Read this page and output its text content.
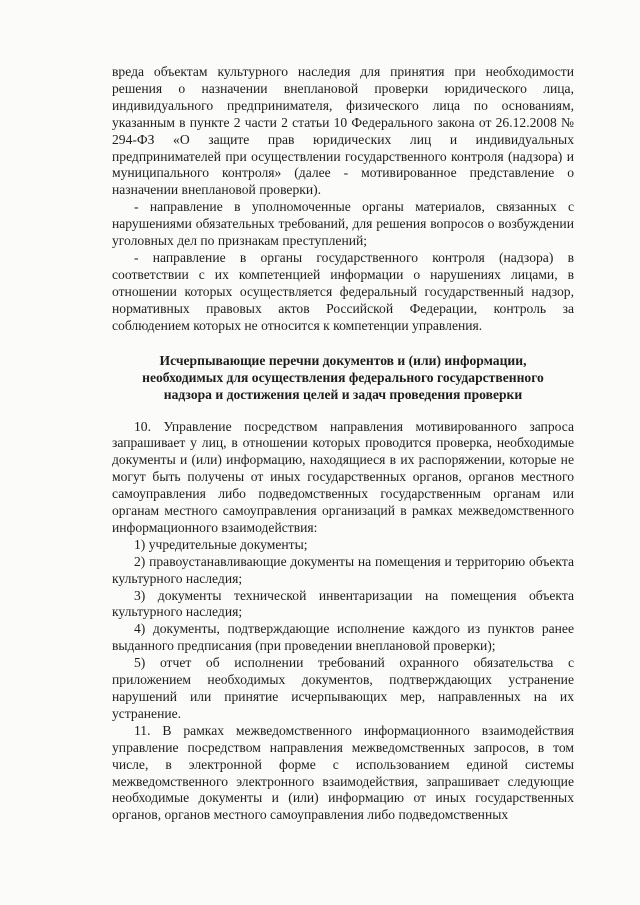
вреда объектам культурного наследия для принятия при необходимости решения о назначении внеплановой проверки юридического лица, индивидуального предпринимателя, физического лица по основаниям, указанным в пункте 2 части 2 статьи 10 Федерального закона от 26.12.2008 № 294-ФЗ «О защите прав юридических лиц и индивидуальных предпринимателей при осуществлении государственного контроля (надзора) и муниципального контроля» (далее - мотивированное представление о назначении внеплановой проверки).

- направление в уполномоченные органы материалов, связанных с нарушениями обязательных требований, для решения вопросов о возбуждении уголовных дел по признакам преступлений;

- направление в органы государственного контроля (надзора) в соответствии с их компетенцией информации о нарушениях лицами, в отношении которых осуществляется федеральный государственный надзор, нормативных правовых актов Российской Федерации, контроль за соблюдением которых не относится к компетенции управления.

Исчерпывающие перечни документов и (или) информации,
необходимых для осуществления федерального государственного
надзора и достижения целей и задач проведения проверки

10. Управление посредством направления мотивированного запроса запрашивает у лиц, в отношении которых проводится проверка, необходимые документы и (или) информацию, находящиеся в их распоряжении, которые не могут быть получены от иных государственных органов, органов местного самоуправления либо подведомственных государственным органам или органам местного самоуправления организаций в рамках межведомственного информационного взаимодействия:

1) учредительные документы;

2) правоустанавливающие документы на помещения и территорию объекта культурного наследия;

3) документы технической инвентаризации на помещения объекта культурного наследия;

4) документы, подтверждающие исполнение каждого из пунктов ранее выданного предписания (при проведении внеплановой проверки);

5) отчет об исполнении требований охранного обязательства с приложением необходимых документов, подтверждающих устранение нарушений или принятие исчерпывающих мер, направленных на их устранение.

11. В рамках межведомственного информационного взаимодействия управление посредством направления межведомственных запросов, в том числе, в электронной форме с использованием единой системы межведомственного электронного взаимодействия, запрашивает следующие необходимые документы и (или) информацию от иных государственных органов, органов местного самоуправления либо подведомственных
